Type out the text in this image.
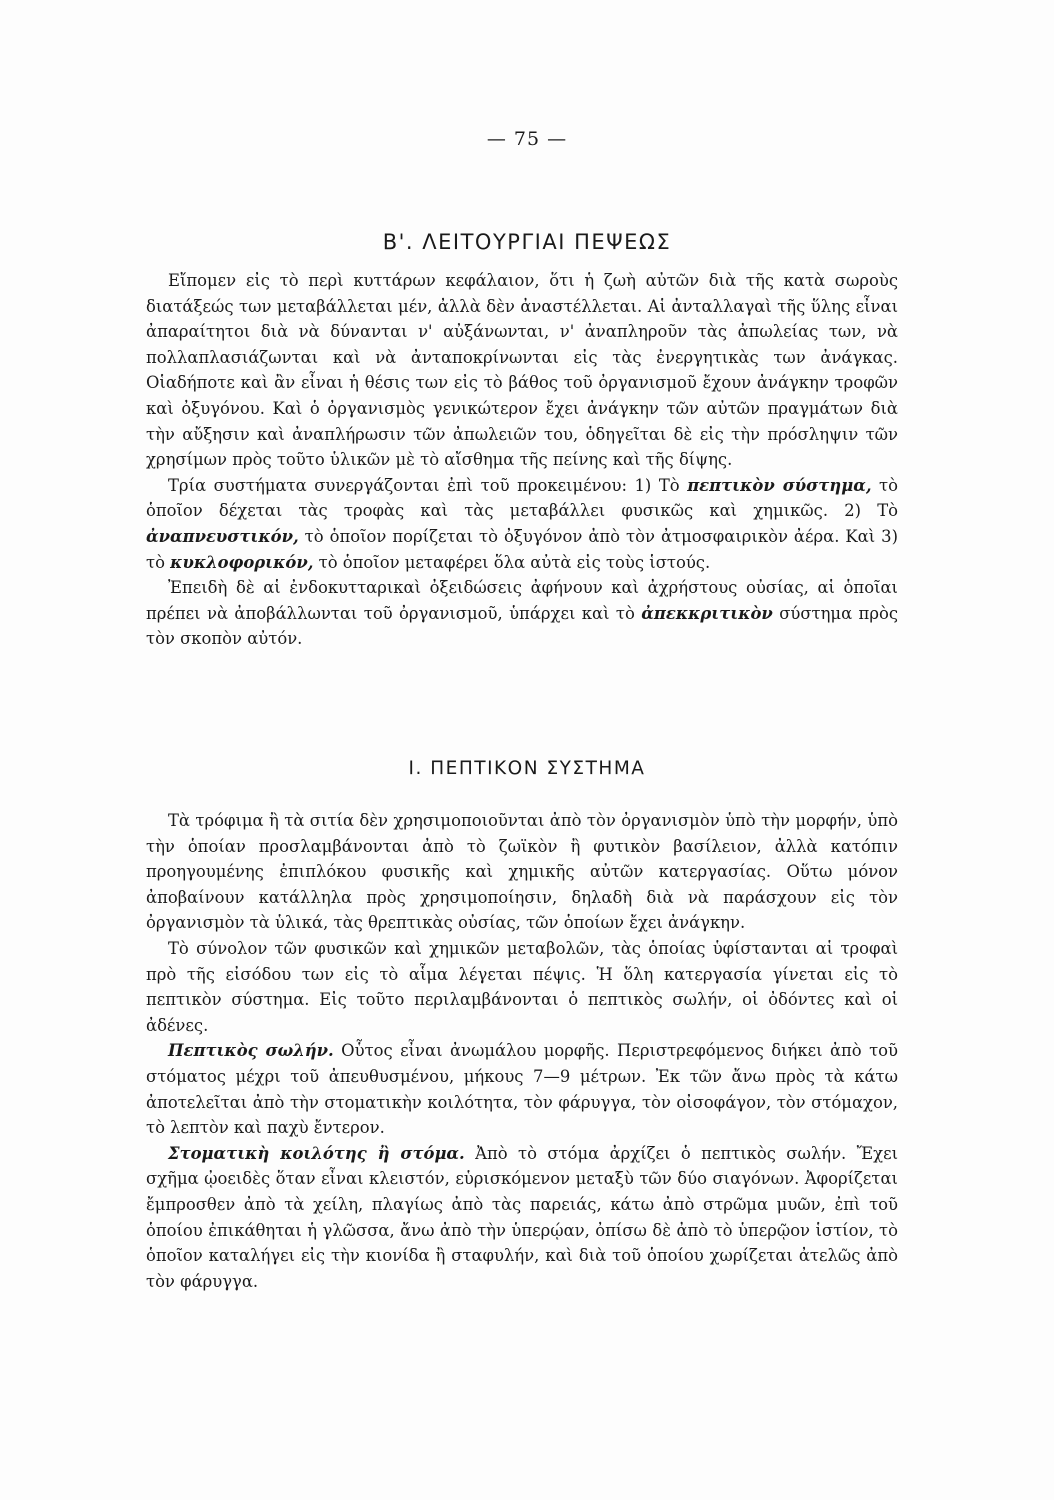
— 75 —
Β'. ΛΕΙΤΟΥΡΓΙΑΙ ΠΕΨΕΩΣ

Εἴπομεν εἰς τὸ περὶ κυττάρων κεφάλαιον, ὅτι ἡ ζωὴ αὐτῶν διὰ τῆς κατὰ σωροὺς διατάξεώς των μεταβάλλεται μέν, ἀλλὰ δὲν ἀναστέλλεται. Αἱ ἀνταλλαγαὶ τῆς ὕλης εἶναι ἀπαραίτητοι διὰ νὰ δύνανται ν' αὐξάνωνται, ν' ἀναπληροῦν τὰς ἀπωλείας των, νὰ πολλαπλασιάζωνται καὶ νὰ ἀνταποκρίνωνται εἰς τὰς ἐνεργητικὰς των ἀνάγκας. Οἱαδήποτε καὶ ἂν εἶναι ἡ θέσις των εἰς τὸ βάθος τοῦ ὀργανισμοῦ ἔχουν ἀνάγκην τροφῶν καὶ ὀξυγόνου. Καὶ ὁ ὀργανισμὸς γενικώτερον ἔχει ἀνάγκην τῶν αὐτῶν πραγμάτων διὰ τὴν αὔξησιν καὶ ἀναπλήρωσιν τῶν ἀπωλειῶν του, ὁδηγεῖται δὲ εἰς τὴν πρόσληψιν τῶν χρησίμων πρὸς τοῦτο ὑλικῶν μὲ τὸ αἴσθημα τῆς πείνης καὶ τῆς δίψης.

Τρία συστήματα συνεργάζονται ἐπὶ τοῦ προκειμένου: 1) Τὸ πεπτικὸν σύστημα, τὸ ὁποῖον δέχεται τὰς τροφὰς καὶ τὰς μεταβάλλει φυσικῶς καὶ χημικῶς. 2) Τὸ ἀναπνευστικόν, τὸ ὁποῖον πορίζεται τὸ ὀξυγόνον ἀπὸ τὸν ἀτμοσφαιρικὸν ἀέρα. Καὶ 3) τὸ κυκλοφορικόν, τὸ ὁποῖον μεταφέρει ὅλα αὐτὰ εἰς τοὺς ἱστούς.

Ἐπειδὴ δὲ αἱ ἐνδοκυτταρικαὶ ὀξειδώσεις ἀφήνουν καὶ ἀχρήστους οὐσίας, αἱ ὁποῖαι πρέπει νὰ ἀποβάλλωνται τοῦ ὀργανισμοῦ, ὑπάρχει καὶ τὸ ἀπεκκριτικὸν σύστημα πρὸς τὸν σκοπὸν αὐτόν.

Ι. ΠΕΠΤΙΚΟΝ ΣΥΣΤΗΜΑ

Τὰ τρόφιμα ἢ τὰ σιτία δὲν χρησιμοποιοῦνται ἀπὸ τὸν ὀργανισμὸν ὑπὸ τὴν μορφήν, ὑπὸ τὴν ὁποίαν προσλαμβάνονται ἀπὸ τὸ ζωϊκὸν ἢ φυτικὸν βασίλειον, ἀλλὰ κατόπιν προηγουμένης ἐπιπλόκου φυσικῆς καὶ χημικῆς αὐτῶν κατεργασίας. Οὕτω μόνον ἀποβαίνουν κατάλληλα πρὸς χρησιμοποίησιν, δηλαδὴ διὰ νὰ παράσχουν εἰς τὸν ὀργανισμὸν τὰ ὑλικά, τὰς θρεπτικὰς οὐσίας, τῶν ὁποίων ἔχει ἀνάγκην.

Τὸ σύνολον τῶν φυσικῶν καὶ χημικῶν μεταβολῶν, τὰς ὁποίας ὑφίστανται αἱ τροφαὶ πρὸ τῆς εἰσόδου των εἰς τὸ αἷμα λέγεται πέψις. Ἡ ὅλη κατεργασία γίνεται εἰς τὸ πεπτικὸν σύστημα. Εἰς τοῦτο περιλαμβάνονται ὁ πεπτικὸς σωλήν, οἱ ὀδόντες καὶ οἱ ἀδένες.

Πεπτικὸς σωλήν. Οὗτος εἶναι ἀνωμάλου μορφῆς. Περιστρεφόμενος διήκει ἀπὸ τοῦ στόματος μέχρι τοῦ ἀπευθυσμένου, μήκους 7—9 μέτρων. Ἐκ τῶν ἄνω πρὸς τὰ κάτω ἀποτελεῖται ἀπὸ τὴν στοματικὴν κοιλότητα, τὸν φάρυγγα, τὸν οἰσοφάγον, τὸν στόμαχον, τὸ λεπτὸν καὶ παχὺ ἔντερον.

Στοματικὴ κοιλότης ἢ στόμα. Ἀπὸ τὸ στόμα ἀρχίζει ὁ πεπτικὸς σωλήν. Ἔχει σχῆμα ᾠοειδὲς ὅταν εἶναι κλειστόν, εὑρισκόμενον μεταξὺ τῶν δύο σιαγόνων. Ἀφορίζεται ἔμπροσθεν ἀπὸ τὰ χείλη, πλαγίως ἀπὸ τὰς παρειάς, κάτω ἀπὸ στρῶμα μυῶν, ἐπὶ τοῦ ὁποίου ἐπικάθηται ἡ γλῶσσα, ἄνω ἀπὸ τὴν ὑπερῴαν, ὀπίσω δὲ ἀπὸ τὸ ὑπερῷον ἱστίον, τὸ ὁποῖον καταλήγει εἰς τὴν κιονίδα ἢ σταφυλήν, καὶ διὰ τοῦ ὁποίου χωρίζεται ἀτελῶς ἀπὸ τὸν φάρυγγα.
